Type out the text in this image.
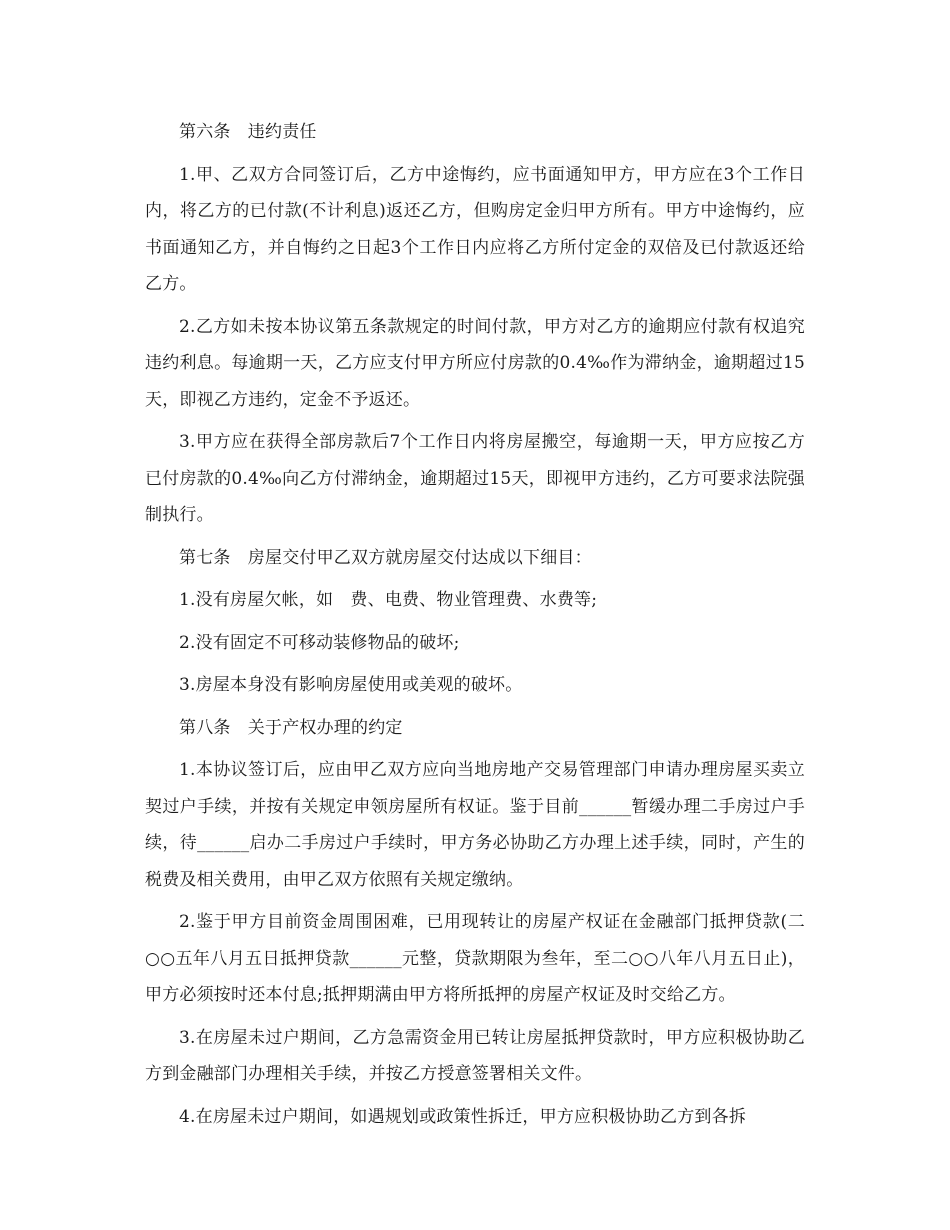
第六条　违约责任

1.甲、乙双方合同签订后，乙方中途悔约，应书面通知甲方，甲方应在3个工作日内，将乙方的已付款(不计利息)返还乙方，但购房定金归甲方所有。甲方中途悔约，应书面通知乙方，并自悔约之日起3个工作日内应将乙方所付定金的双倍及已付款返还给乙方。

2.乙方如未按本协议第五条款规定的时间付款，甲方对乙方的逾期应付款有权追究违约利息。每逾期一天，乙方应支付甲方所应付房款的0.4‰作为滞纳金，逾期超过15天，即视乙方违约，定金不予返还。

3.甲方应在获得全部房款后7个工作日内将房屋搬空，每逾期一天，甲方应按乙方已付房款的0.4‰向乙方付滞纳金，逾期超过15天，即视甲方违约，乙方可要求法院强制执行。

第七条　房屋交付甲乙双方就房屋交付达成以下细目：

1.没有房屋欠帐，如　费、电费、物业管理费、水费等;

2.没有固定不可移动装修物品的破坏;

3.房屋本身没有影响房屋使用或美观的破坏。

第八条　关于产权办理的约定

1.本协议签订后，应由甲乙双方应向当地房地产交易管理部门申请办理房屋买卖立契过户手续，并按有关规定申领房屋所有权证。鉴于目前______暂缓办理二手房过户手续，待______启办二手房过户手续时，甲方务必协助乙方办理上述手续，同时，产生的税费及相关费用，由甲乙双方依照有关规定缴纳。

2.鉴于甲方目前资金周围困难，已用现转让的房屋产权证在金融部门抵押贷款(二○○五年八月五日抵押贷款______元整，贷款期限为叁年，至二○○八年八月五日止)，甲方必须按时还本付息;抵押期满由甲方将所抵押的房屋产权证及时交给乙方。

3.在房屋未过户期间，乙方急需资金用已转让房屋抵押贷款时，甲方应积极协助乙方到金融部门办理相关手续，并按乙方授意签署相关文件。

4.在房屋未过户期间，如遇规划或政策性拆迁，甲方应积极协助乙方到各拆
